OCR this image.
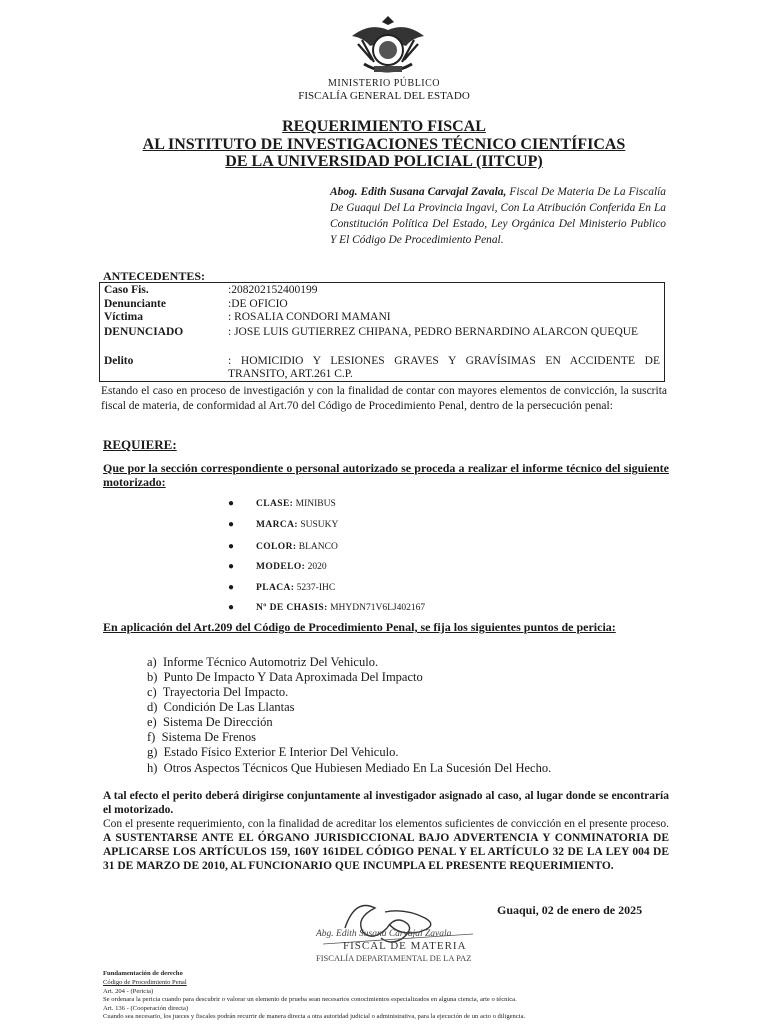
MINISTERIO PÚBLICO
FISCALÍA GENERAL DEL ESTADO
REQUERIMIENTO FISCAL
AL INSTITUTO DE INVESTIGACIONES TÉCNICO CIENTÍFICAS
DE LA UNIVERSIDAD POLICIAL (IITCUP)
Abog. Edith Susana Carvajal Zavala, Fiscal De Materia De La Fiscalía De Guaqui Del La Provincia Ingavi, Con La Atribución Conferida En La Constitución Política Del Estado, Ley Orgánica Del Ministerio Publico Y El Código De Procedimiento Penal.
ANTECEDENTES:
Caso Fis.	:208202152400199
Denunciante	:DE OFICIO
Víctima	: ROSALIA CONDORI MAMANI
DENUNCIADO	: JOSE LUIS GUTIERREZ CHIPANA, PEDRO BERNARDINO ALARCON QUEQUE
Delito	: HOMICIDIO Y LESIONES GRAVES Y GRAVÍSIMAS EN ACCIDENTE DE TRANSITO, ART.261 C.P.
Estando el caso en proceso de investigación y con la finalidad de contar con mayores elementos de convicción, la suscrita fiscal de materia, de conformidad al Art.70 del Código de Procedimiento Penal, dentro de la persecución penal:
REQUIERE:
Que por la sección correspondiente o personal autorizado se proceda a realizar el informe técnico del siguiente motorizado:
● CLASE: MINIBUS
● MARCA: SUSUKY
● COLOR: BLANCO
● MODELO: 2020
● PLACA: 5237-IHC
● Nº DE CHASIS: MHYDN71V6LJ402167
En aplicación del Art.209 del Código de Procedimiento Penal, se fija los siguientes puntos de pericia:
a) Informe Técnico Automotriz Del Vehiculo.
b) Punto De Impacto Y Data Aproximada Del Impacto
c) Trayectoria Del Impacto.
d) Condición De Las Llantas
e) Sistema De Dirección
f) Sistema De Frenos
g) Estado Físico Exterior E Interior Del Vehiculo.
h) Otros Aspectos Técnicos Que Hubiesen Mediado En La Sucesión Del Hecho.
A tal efecto el perito deberá dirigirse conjuntamente al investigador asignado al caso, al lugar donde se encontraría el motorizado.
Con el presente requerimiento, con la finalidad de acreditar los elementos suficientes de convicción en el presente proceso. A SUSTENTARSE ANTE EL ÓRGANO JURISDICCIONAL BAJO ADVERTENCIA Y CONMINATORIA DE APLICARSE LOS ARTÍCULOS 159, 160Y 161DEL CÓDIGO PENAL Y EL ARTÍCULO 32 DE LA LEY 004 DE 31 DE MARZO DE 2010, AL FUNCIONARIO QUE INCUMPLA EL PRESENTE REQUERIMIENTO.
Guaqui, 02 de enero de 2025
Abg. Edith Susana Carvajal Zavala
FISCAL DE MATERIA
FISCALÍA DEPARTAMENTAL DE LA PAZ
Fundamentación de derecho
Código de Procedimiento Penal
Art. 204 - (Pericia)
Se ordenara la pericia cuando para descubrir o valorar un elemento de prueba sean necesarios conocimientos especializados en alguna ciencia, arte o técnica.
Art. 136 - (Cooperación directa)
Cuando sea necesario, los jueces y fiscales podrán recurrir de manera directa a otra autoridad judicial o administrativa, para la ejecución de un acto o diligencia.
